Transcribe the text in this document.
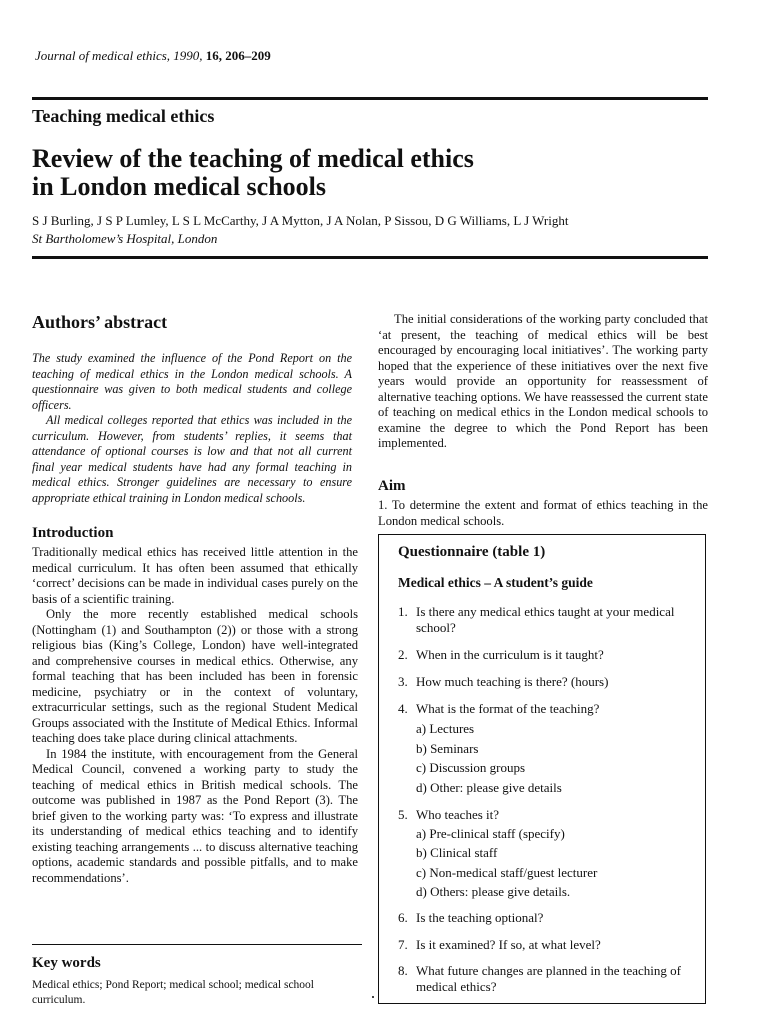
Journal of medical ethics, 1990, 16, 206–209
Teaching medical ethics
Review of the teaching of medical ethics
in London medical schools
S J Burling, J S P Lumley, L S L McCarthy, J A Mytton, J A Nolan, P Sissou, D G Williams, L J Wright
St Bartholomew’s Hospital, London
Authors’ abstract

The study examined the influence of the Pond Report on the teaching of medical ethics in the London medical schools. A questionnaire was given to both medical students and college officers.

All medical colleges reported that ethics was included in the curriculum. However, from students’ replies, it seems that attendance of optional courses is low and that not all current final year medical students have had any formal teaching in medical ethics. Stronger guidelines are necessary to ensure appropriate ethical training in London medical schools.

Introduction

Traditionally medical ethics has received little attention in the medical curriculum. It has often been assumed that ethically ‘correct’ decisions can be made in individual cases purely on the basis of a scientific training.

Only the more recently established medical schools (Nottingham (1) and Southampton (2)) or those with a strong religious bias (King’s College, London) have well-integrated and comprehensive courses in medical ethics. Otherwise, any formal teaching that has been included has been in forensic medicine, psychiatry or in the context of voluntary, extracurricular settings, such as the regional Student Medical Groups associated with the Institute of Medical Ethics. Informal teaching does take place during clinical attachments.

In 1984 the institute, with encouragement from the General Medical Council, convened a working party to study the teaching of medical ethics in British medical schools. The outcome was published in 1987 as the Pond Report (3). The brief given to the working party was: ‘To express and illustrate its understanding of medical ethics teaching and to identify existing teaching arrangements ... to discuss alternative teaching options, academic standards and possible pitfalls, and to make recommendations’.

Key words
Medical ethics; Pond Report; medical school; medical school curriculum.
The initial considerations of the working party concluded that ‘at present, the teaching of medical ethics will be best encouraged by encouraging local initiatives’. The working party hoped that the experience of these initiatives over the next five years would provide an opportunity for reassessment of alternative teaching options. We have reassessed the current state of teaching on medical ethics in the London medical schools to examine the degree to which the Pond Report has been implemented.
Aim
1. To determine the extent and format of ethics teaching in the London medical schools.
Questionnaire (table 1)
Medical ethics – A student’s guide
1. Is there any medical ethics taught at your medical school?
2. When in the curriculum is it taught?
3. How much teaching is there? (hours)
4. What is the format of the teaching?
a) Lectures
b) Seminars
c) Discussion groups
d) Other: please give details
5. Who teaches it?
a) Pre-clinical staff (specify)
b) Clinical staff
c) Non-medical staff/guest lecturer
d) Others: please give details.
6. Is the teaching optional?
7. Is it examined? If so, at what level?
8. What future changes are planned in the teaching of medical ethics?
